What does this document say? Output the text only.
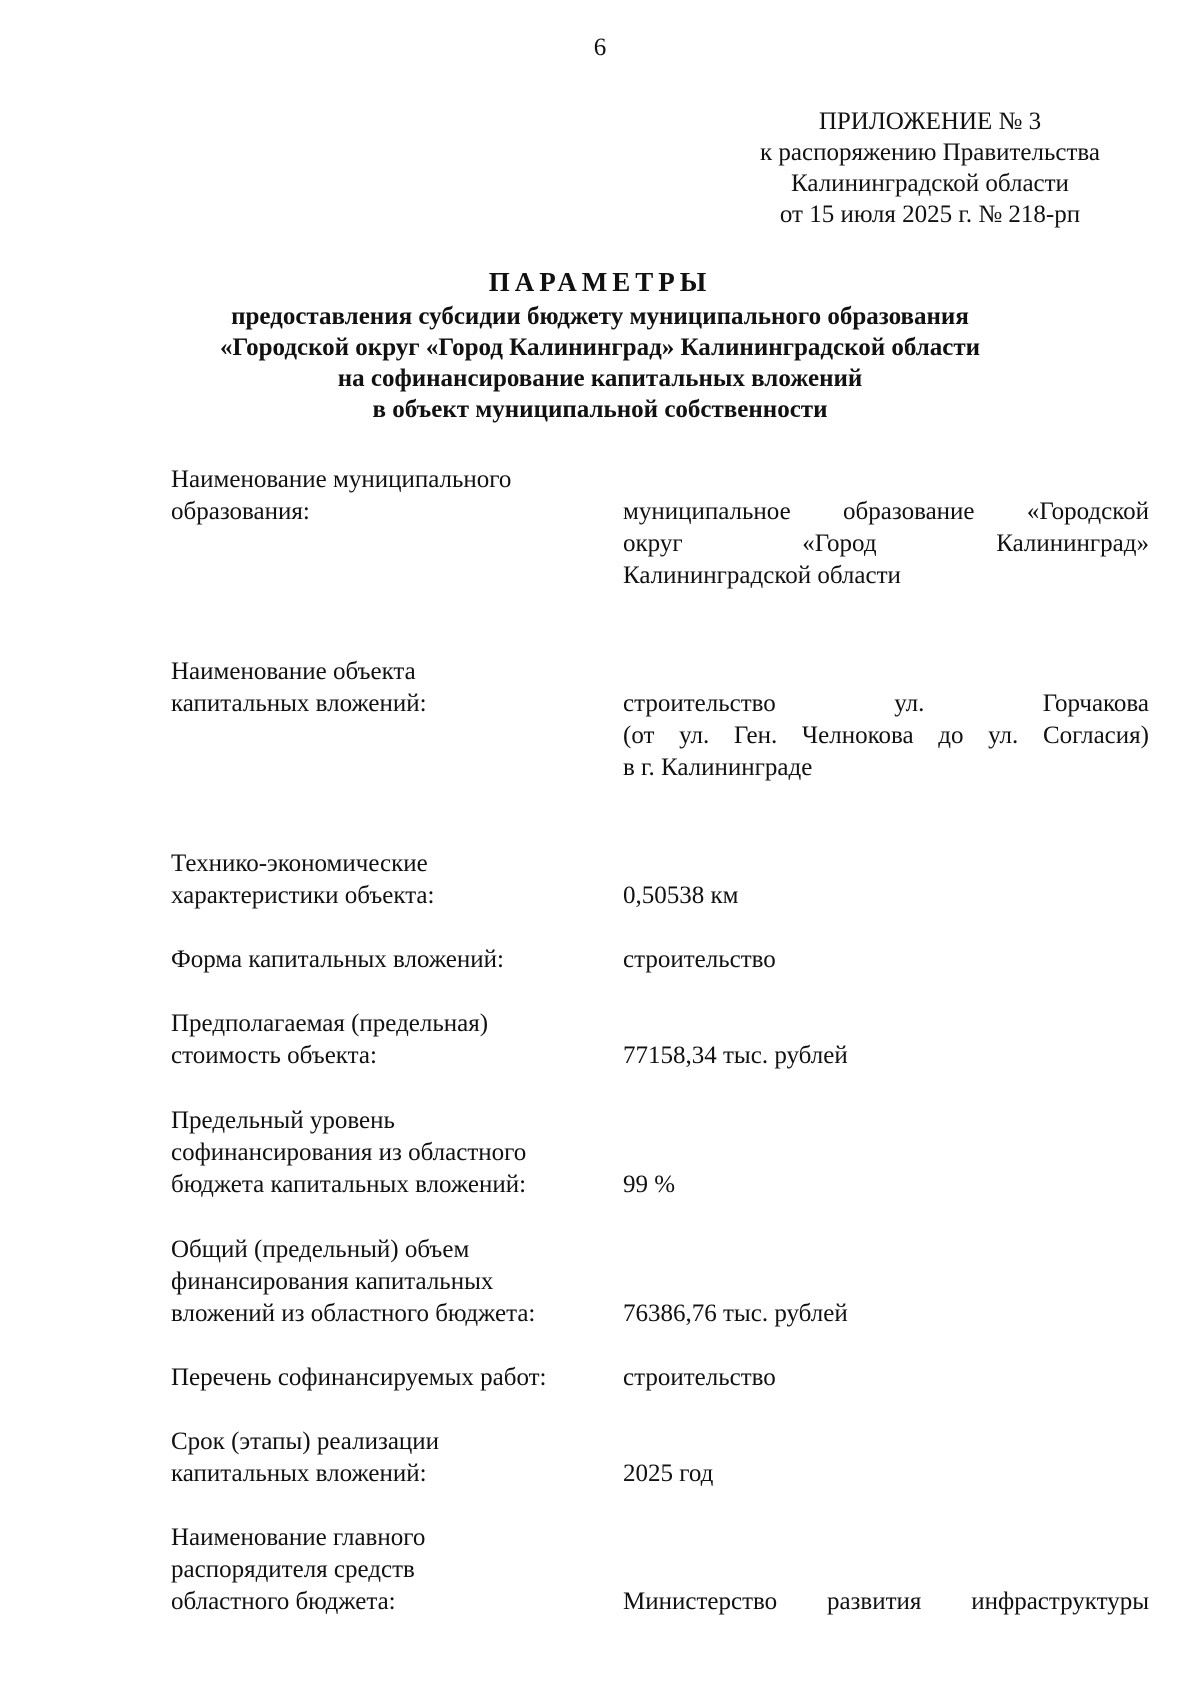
6
ПРИЛОЖЕНИЕ № 3
к распоряжению Правительства
Калининградской области
от 15 июля 2025 г. № 218-рп
ПАРАМЕТРЫ
предоставления субсидии бюджету муниципального образования
«Городской округ «Город Калининград» Калининградской области
на софинансирование капитальных вложений
в объект муниципальной собственности
Наименование муниципального
образования:	муниципальное образование «Городской
округ «Город Калининград»
Калининградской области
Наименование объекта
капитальных вложений:	строительство ул. Горчакова
(от ул. Ген. Челнокова до ул. Согласия)
в г. Калининграде
Технико-экономические
характеристики объекта:	0,50538 км
Форма капитальных вложений:	строительство
Предполагаемая (предельная)
стоимость объекта:	77158,34 тыс. рублей
Предельный уровень
софинансирования из областного
бюджета капитальных вложений:	99 %
Общий (предельный) объем
финансирования капитальных
вложений из областного бюджета:	76386,76 тыс. рублей
Перечень софинансируемых работ:	строительство
Срок (этапы) реализации
капитальных вложений:	2025 год
Наименование главного
распорядителя средств
областного бюджета:	Министерство развития инфраструктуры
